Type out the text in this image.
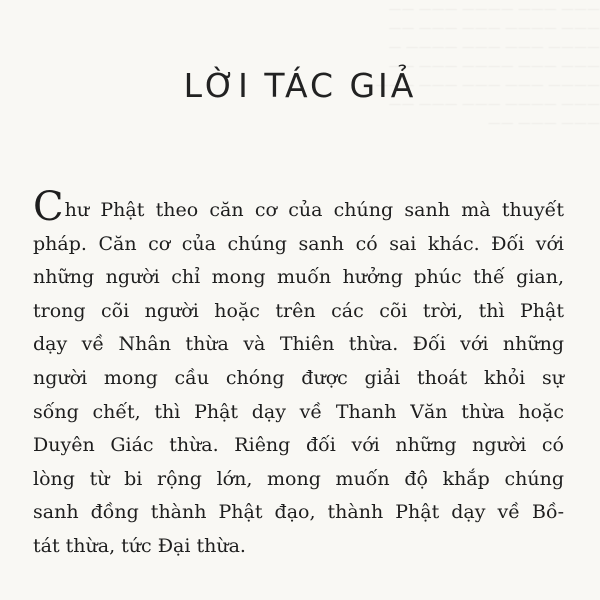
——— ——— ———— ——— ——
——— ———— ——— ——— ——
———— ——— ——— ———— —
——— ——— ———— ——— ——
———— ——— ——— ——— ———
——— ———— ——— ——— ——
——— ——— ——
LỜI TÁC GIẢ

Chư Phật theo căn cơ của chúng sanh mà thuyết
pháp. Căn cơ của chúng sanh có sai khác. Đối với
những người chỉ mong muốn hưởng phúc thế gian,
trong cõi người hoặc trên các cõi trời, thì Phật
dạy về Nhân thừa và Thiên thừa. Đối với những
người mong cầu chóng được giải thoát khỏi sự
sống chết, thì Phật dạy về Thanh Văn thừa hoặc
Duyên Giác thừa. Riêng đối với những người có
lòng từ bi rộng lớn, mong muốn độ khắp chúng
sanh đồng thành Phật đạo, thành Phật dạy về Bồ-
tát thừa, tức Đại thừa.
